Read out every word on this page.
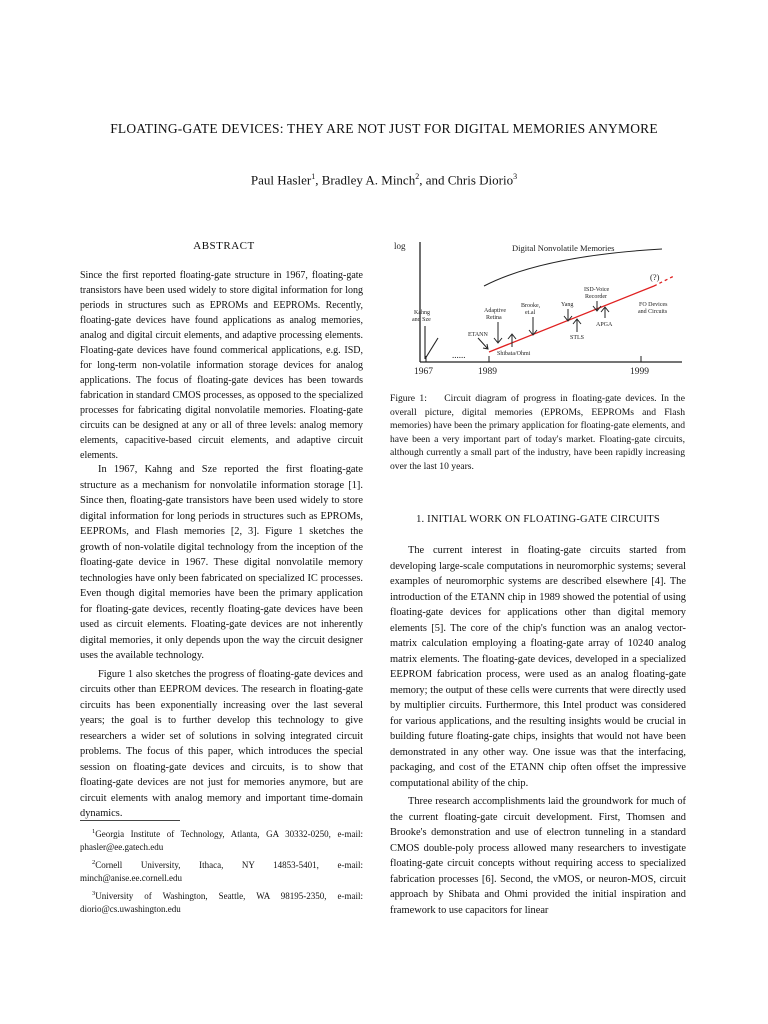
FLOATING-GATE DEVICES: THEY ARE NOT JUST FOR DIGITAL MEMORIES ANYMORE
Paul Hasler$^1$, Bradley A. Minch$^2$, and Chris Diorio$^3$
ABSTRACT
Since the first reported floating-gate structure in 1967, floating-gate transistors have been used widely to store digital information for long periods in structures such as EPROMs and EEPROMs. Recently, floating-gate devices have found applications as analog memories, analog and digital circuit elements, and adaptive processing elements. Floating-gate devices have found commerical applications, e.g. ISD, for long-term non-volatile information storage devices for analog applications. The focus of floating-gate devices has been towards fabrication in standard CMOS processes, as opposed to the specialized processes for fabricating digital nonvolatile memories. Floating-gate circuits can be designed at any or all of three levels: analog memory elements, capacitive-based circuit elements, and adaptive circuit elements.

In 1967, Kahng and Sze reported the first floating-gate structure as a mechanism for nonvolatile information storage [1]. Since then, floating-gate transistors have been used widely to store digital information for long periods in structures such as EPROMs, EEPROMs, and Flash memories [2, 3]. Figure 1 sketches the growth of non-volatile digital technology from the inception of the floating-gate device in 1967. These digital nonvolatile memory technologies have only been fabricated on specialized IC processes. Even though digital memories have been the primary application for floating-gate devices, recently floating-gate devices have been used as circuit elements. Floating-gate devices are not inherently digital memories, it only depends upon the way the circuit designer uses the available technology.

Figure 1 also sketches the progress of floating-gate devices and circuits other than EEPROM devices. The research in floating-gate circuits has been exponentially increasing over the last several years; the goal is to further develop this technology to give researchers a wider set of solutions in solving integrated circuit problems. The focus of this paper, which introduces the special session on floating-gate devices and circuits, is to show that floating-gate devices are not just for memories anymore, but are circuit elements with analog memory and important time-domain dynamics.

$^1$Georgia Institute of Technology, Atlanta, GA 30332-0250, e-mail: phasler@ee.gatech.edu

$^2$Cornell University, Ithaca, NY 14853-5401, e-mail: minch@anise.ee.cornell.edu

$^3$University of Washington, Seattle, WA 98195-2350, e-mail: diorio@cs.uwashington.edu

log
1967	1989	1999
......
Digital Nonvolatile Memories
(?)
Kahng
and Sze
Adaptive
Retina
ETANN
Shibata/Ohmi
Brooke,
et.al
Yang
STLS
ISD-Voice
Recorder
APGA
FO Devices
and Circuits
Figure 1: Circuit diagram of progress in floating-gate devices. In the overall picture, digital memories (EPROMs, EEPROMs and Flash memories) have been the primary application for floating-gate elements, and have been a very important part of today's market. Floating-gate circuits, although currently a small part of the industry, have been rapidly increasing over the last 10 years.
1. INITIAL WORK ON FLOATING-GATE CIRCUITS

The current interest in floating-gate circuits started from developing large-scale computations in neuromorphic systems; several examples of neuromorphic systems are described elsewhere [4]. The introduction of the ETANN chip in 1989 showed the potential of using floating-gate devices for applications other than digital memory elements [5]. The core of the chip's function was an analog vector-matrix calculation employing a floating-gate array of 10240 analog matrix elements. The floating-gate devices, developed in a specialized EEPROM fabrication process, were used as an analog floating-gate memory; the output of these cells were currents that were directly used by multiplier circuits. Furthermore, this Intel product was considered for various applications, and the resulting insights would be crucial in building future floating-gate chips, insights that would not have been demonstrated in any other way. One issue was that the interfacing, packaging, and cost of the ETANN chip often offset the impressive computational ability of the chip.

Three research accomplishments laid the groundwork for much of the current floating-gate circuit development. First, Thomsen and Brooke's demonstration and use of electron tunneling in a standard CMOS double-poly process allowed many researchers to investigate floating-gate circuit concepts without requiring access to specialized fabrication processes [6]. Second, the νMOS, or neuron-MOS, circuit approach by Shibata and Ohmi provided the initial inspiration and framework to use capacitors for linear
